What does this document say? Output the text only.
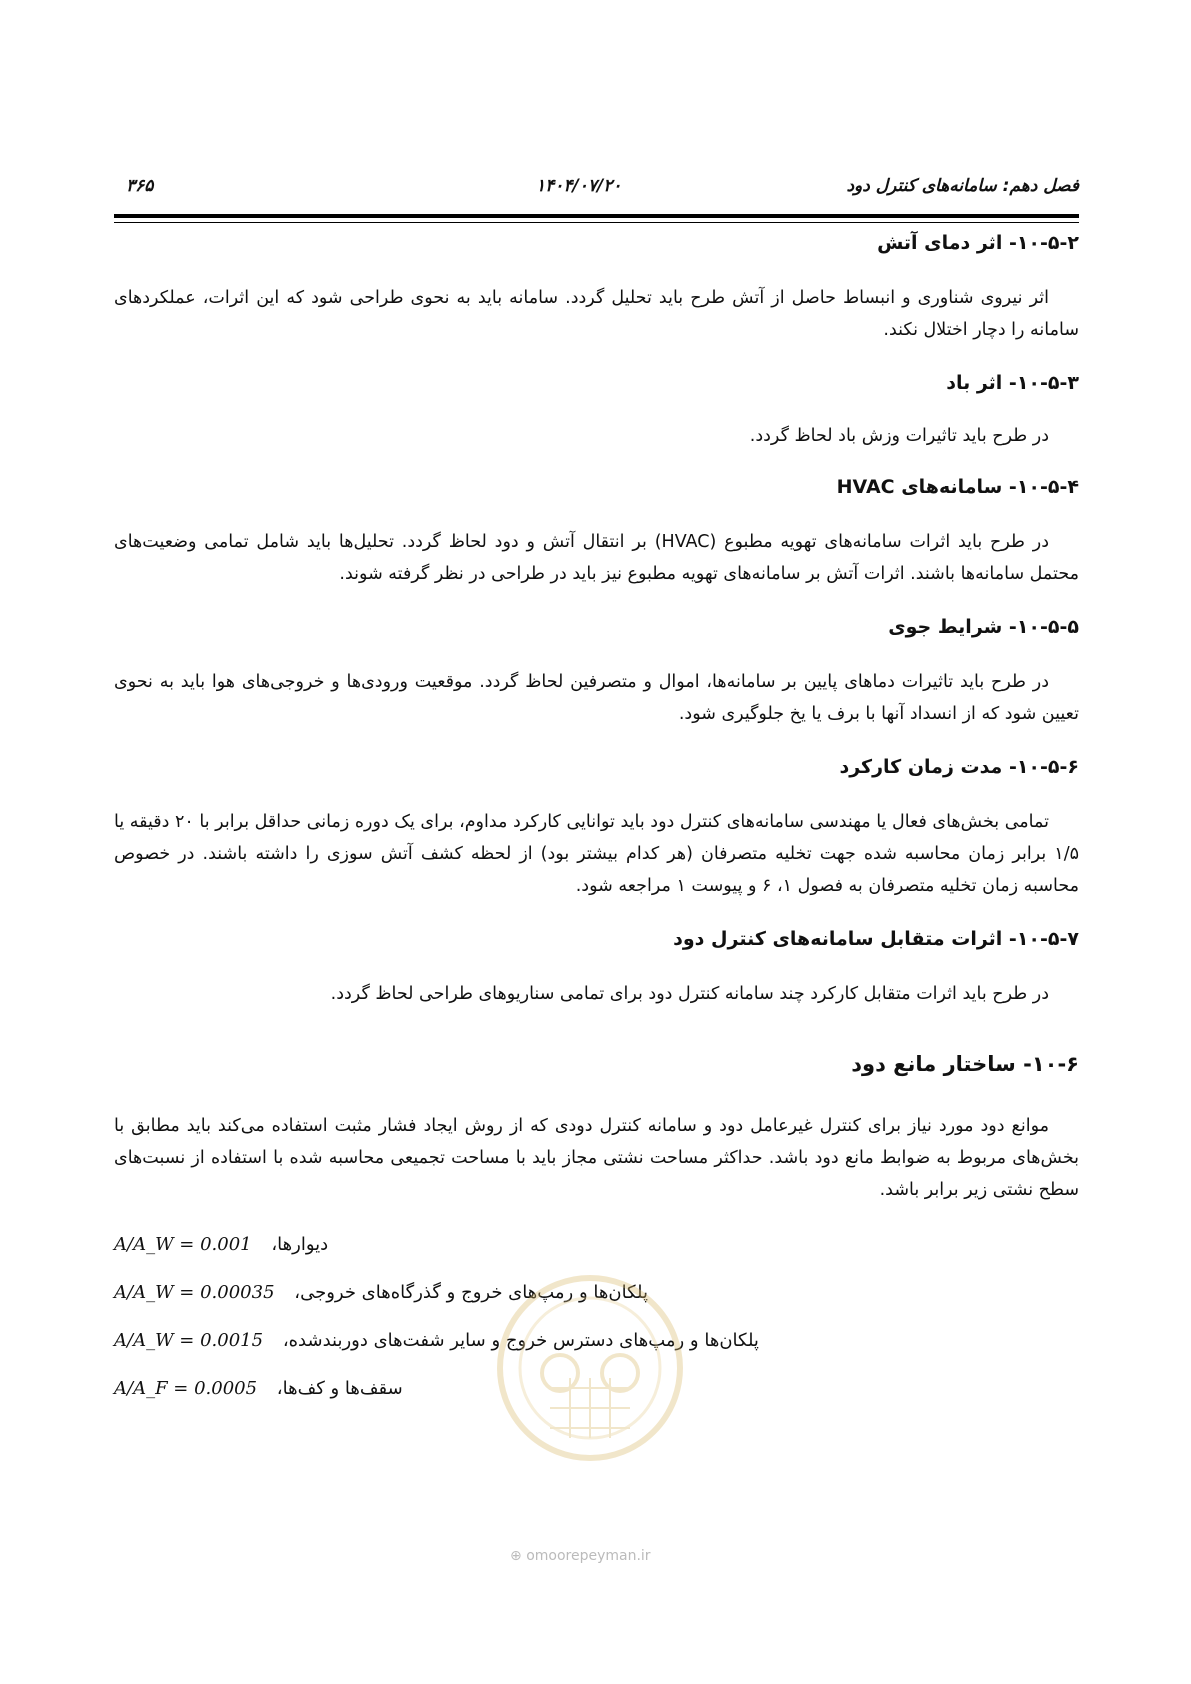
فصل دهم: سامانه‌های کنترل دود
۱۴۰۴/۰۷/۲۰
۳۶۵
۱۰-۵-۲- اثر دمای آتش
اثر نیروی شناوری و انبساط حاصل از آتش طرح باید تحلیل گردد. سامانه باید به نحوی طراحی شود که این اثرات، عملکردهای سامانه را دچار اختلال نکند.
۱۰-۵-۳- اثر باد
در طرح باید تاثیرات وزش باد لحاظ گردد.
۱۰-۵-۴- سامانه‌های HVAC
در طرح باید اثرات سامانه‌های تهویه مطبوع (HVAC) بر انتقال آتش و دود لحاظ گردد. تحلیل‌ها باید شامل تمامی وضعیت‌های محتمل سامانه‌ها باشند. اثرات آتش بر سامانه‌های تهویه مطبوع نیز باید در طراحی در نظر گرفته شوند.
۱۰-۵-۵- شرایط جوی
در طرح باید تاثیرات دماهای پایین بر سامانه‌ها، اموال و متصرفین لحاظ گردد. موقعیت ورودی‌ها و خروجی‌های هوا باید به نحوی تعیین شود که از انسداد آنها با برف یا یخ جلوگیری شود.
۱۰-۵-۶- مدت زمان کارکرد
تمامی بخش‌های فعال یا مهندسی سامانه‌های کنترل دود باید توانایی کارکرد مداوم، برای یک دوره زمانی حداقل برابر با ۲۰ دقیقه یا ۱/۵ برابر زمان محاسبه شده جهت تخلیه متصرفان (هر کدام بیشتر بود) از لحظه کشف آتش سوزی را داشته باشند. در خصوص محاسبه زمان تخلیه متصرفان به فصول ۱، ۶ و پیوست ۱ مراجعه شود.
۱۰-۵-۷- اثرات متقابل سامانه‌های کنترل دود
در طرح باید اثرات متقابل کارکرد چند سامانه کنترل دود برای تمامی سناریوهای طراحی لحاظ گردد.
۱۰-۶- ساختار مانع دود
موانع دود مورد نیاز برای کنترل غیرعامل دود و سامانه کنترل دودی که از روش ایجاد فشار مثبت استفاده می‌کند باید مطابق با بخش‌های مربوط به ضوابط مانع دود باشد. حداکثر مساحت نشتی مجاز باید با مساحت تجمیعی محاسبه شده با استفاده از نسبت‌های سطح نشتی زیر برابر باشد.
A/A_W = 0.001 دیوارها،
A/A_W = 0.00035 پلکان‌ها و رمپ‌های خروج و گذرگاه‌های خروجی،
A/A_W = 0.0015 پلکان‌ها و رمپ‌های دسترس خروج و سایر شفت‌های دوربندشده،
A/A_F = 0.0005 سقف‌ها و کف‌ها،
⊕ omoorepeyman.ir
